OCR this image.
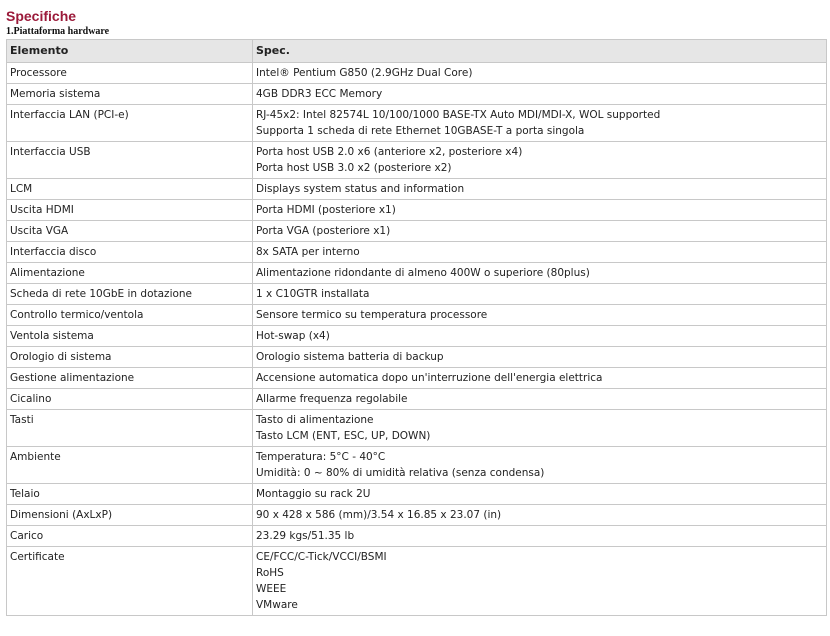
Specifiche
1.Piattaforma hardware
Elemento	Spec.
Processore	Intel® Pentium G850 (2.9GHz Dual Core)

Memoria sistema	4GB DDR3 ECC Memory

Interfaccia LAN (PCI-e)	RJ-45x2: Intel 82574L 10/100/1000 BASE-TX Auto MDI/MDI-X, WOL supported
Supporta 1 scheda di rete Ethernet 10GBASE-T a porta singola

Interfaccia USB	Porta host USB 2.0 x6 (anteriore x2, posteriore x4)
Porta host USB 3.0 x2 (posteriore x2)

LCM	Displays system status and information

Uscita HDMI	Porta HDMI (posteriore x1)

Uscita VGA	Porta VGA (posteriore x1)

Interfaccia disco	8x SATA per interno

Alimentazione	Alimentazione ridondante di almeno 400W o superiore (80plus)

Scheda di rete 10GbE in dotazione	1 x C10GTR installata

Controllo termico/ventola	Sensore termico su temperatura processore

Ventola sistema	Hot-swap (x4)

Orologio di sistema	Orologio sistema batteria di backup

Gestione alimentazione	Accensione automatica dopo un'interruzione dell'energia elettrica

Cicalino	Allarme frequenza regolabile

Tasti	Tasto di alimentazione
Tasto LCM (ENT, ESC, UP, DOWN)

Ambiente	Temperatura: 5°C - 40°C
Umidità: 0 ~ 80% di umidità relativa (senza condensa)

Telaio	Montaggio su rack 2U

Dimensioni (AxLxP)	90 x 428 x 586 (mm)/3.54 x 16.85 x 23.07 (in)

Carico	23.29 kgs/51.35 lb

Certificate	CE/FCC/C-Tick/VCCI/BSMI
RoHS
WEEE
VMware
